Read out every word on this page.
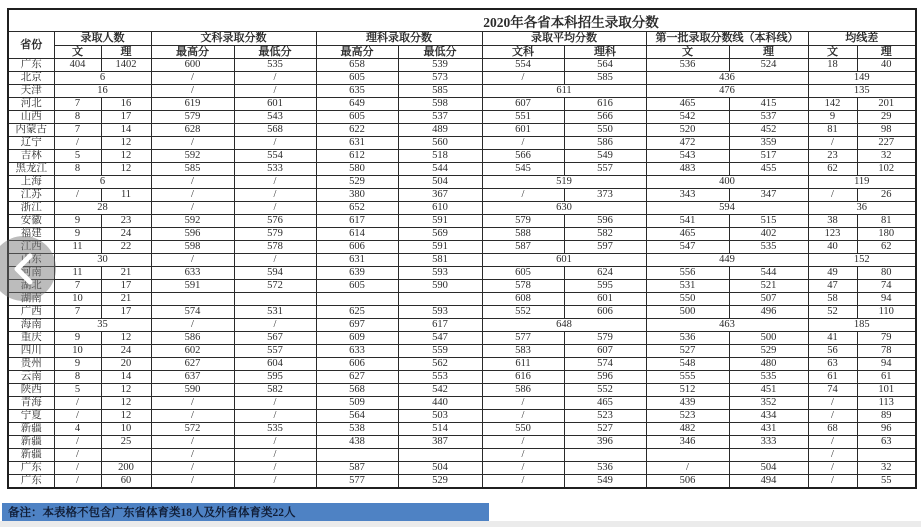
2020年各省本科招生录取分数												
省份	录取人数		文科录取分数		理科录取分数		录取平均分数		第一批录取分数线（本科线）		均线差	
	文	理	最高分	最低分	最高分	最低分	文科	理科	文	理	文	理
广东	404	1402	600	535	658	539	554	564	536	524	18	40
北京	6		/	/	605	573	/	585	436		149	
天津	16		/	/	635	585	611		476		135	
河北	7	16	619	601	649	598	607	616	465	415	142	201
山西	8	17	579	543	605	537	551	566	542	537	9	29
内蒙古	7	14	628	568	622	489	601	550	520	452	81	98
辽宁	/	12	/	/	631	560	/	586	472	359	/	227
吉林	5	12	592	554	612	518	566	549	543	517	23	32
黑龙江	8	12	585	533	580	544	545	557	483	455	62	102
上海	6		/	/	529	504	519		400		119	
江苏	/	11	/	/	380	367	/	373	343	347	/	26
浙江	28		/	/	652	610	630		594		36	
安徽	9	23	592	576	617	591	579	596	541	515	38	81
福建	9	24	596	579	614	569	588	582	465	402	123	180
江西	11	22	598	578	606	591	587	597	547	535	40	62
山东	30		/	/	631	581	601		449		152	
河南	11	21	633	594	639	593	605	624	556	544	49	80
湖北	7	17	591	572	605	590	578	595	531	521	47	74
湖南	10	21					608	601	550	507	58	94
广西	7	17	574	531	625	593	552	606	500	496	52	110
海南	35		/	/	697	617	648		463		185	
重庆	9	12	586	567	609	547	577	579	536	500	41	79
四川	10	24	602	557	633	559	583	607	527	529	56	78
贵州	9	20	627	604	606	562	611	574	548	480	63	94
云南	8	14	637	595	627	553	616	596	555	535	61	61
陕西	5	12	590	582	568	542	586	552	512	451	74	101
青海	/	12	/	/	509	440	/	465	439	352	/	113
宁夏	/	12	/	/	564	503	/	523	523	434	/	89
新疆	4	10	572	535	538	514	550	527	482	431	68	96
新疆	/	25	/	/	438	387	/	396	346	333	/	63
新疆	/		/	/			/				/	
广东	/	200	/	/	587	504	/	536	/	504	/	32
广东	/	60	/	/	577	529	/	549	506	494	/	55
备注：本表格不包含广东省体育类18人及外省体育类22人
